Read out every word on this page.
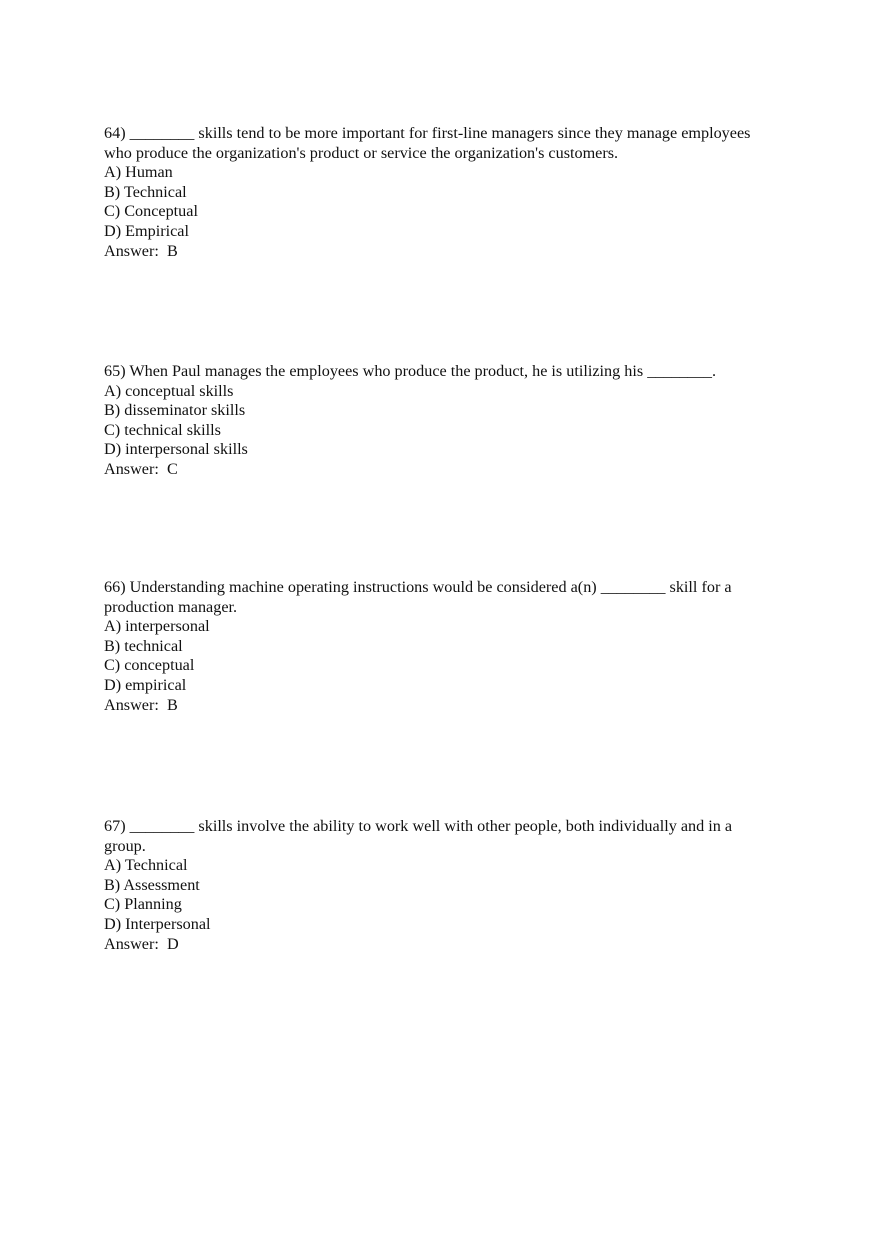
64) ________ skills tend to be more important for first-line managers since they manage employees who produce the organization's product or service the organization's customers.

A) Human
B) Technical
C) Conceptual
D) Empirical

Answer:  B

65) When Paul manages the employees who produce the product, he is utilizing his ________.

A) conceptual skills
B) disseminator skills
C) technical skills
D) interpersonal skills

Answer:  C

66) Understanding machine operating instructions would be considered a(n) ________ skill for a production manager.

A) interpersonal
B) technical
C) conceptual
D) empirical

Answer:  B

67) ________ skills involve the ability to work well with other people, both individually and in a group.

A) Technical
B) Assessment
C) Planning
D) Interpersonal

Answer:  D
